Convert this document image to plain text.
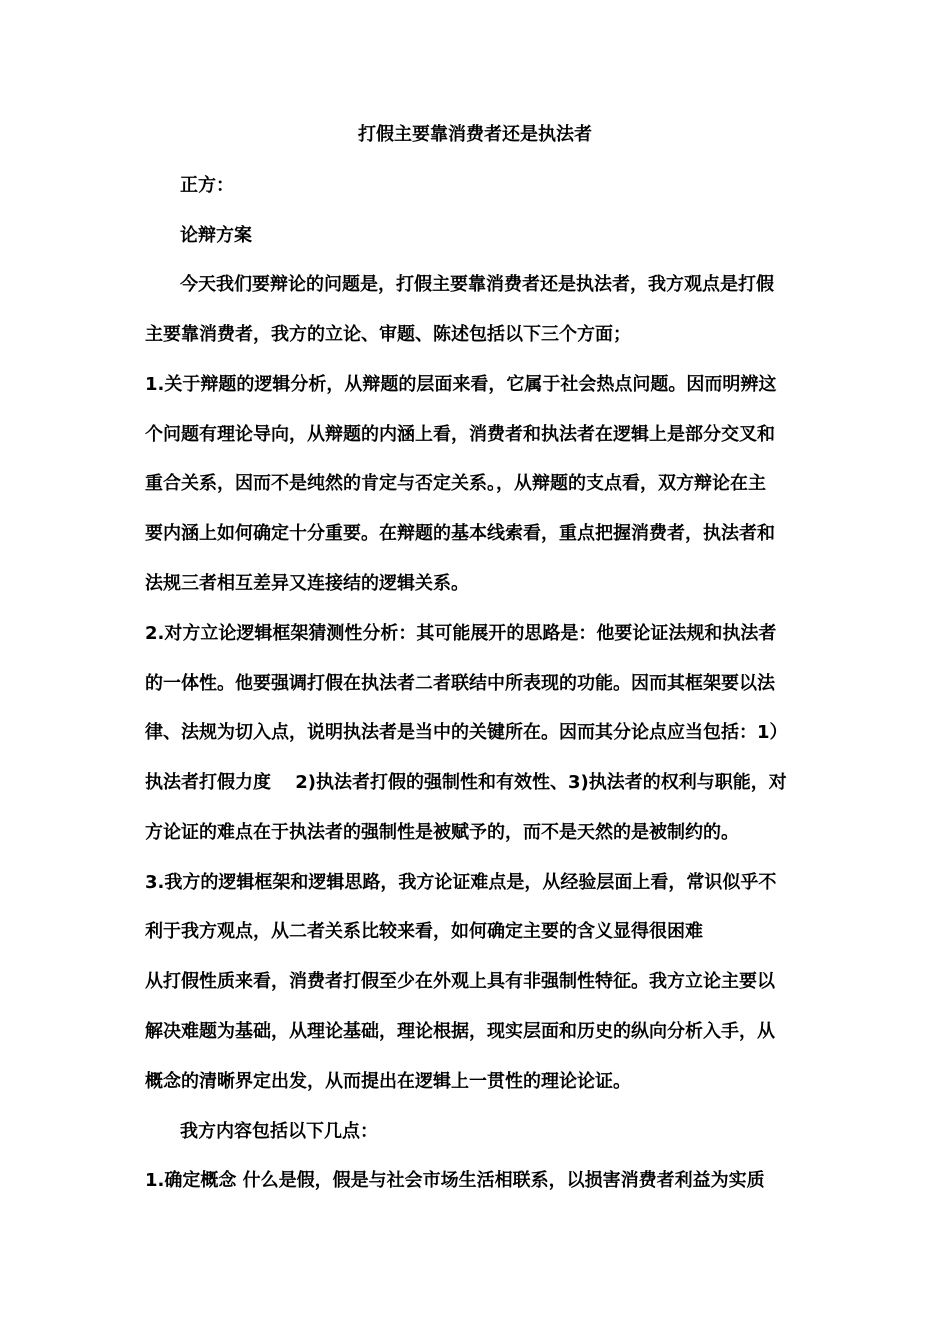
打假主要靠消费者还是执法者
正方：
论辩方案
今天我们要辩论的问题是，打假主要靠消费者还是执法者，我方观点是打假
主要靠消费者，我方的立论、审题、陈述包括以下三个方面；
1.关于辩题的逻辑分析，从辩题的层面来看，它属于社会热点问题。因而明辨这
个问题有理论导向，从辩题的内涵上看，消费者和执法者在逻辑上是部分交叉和
重合关系，因而不是纯然的肯定与否定关系。，从辩题的支点看，双方辩论在主
要内涵上如何确定十分重要。在辩题的基本线索看，重点把握消费者，执法者和
法规三者相互差异又连接结的逻辑关系。
2.对方立论逻辑框架猜测性分析：其可能展开的思路是：他要论证法规和执法者
的一体性。他要强调打假在执法者二者联结中所表现的功能。因而其框架要以法
律、法规为切入点，说明执法者是当中的关键所在。因而其分论点应当包括：1）
执法者打假力度　 2)执法者打假的强制性和有效性、3)执法者的权利与职能，对
方论证的难点在于执法者的强制性是被赋予的，而不是天然的是被制约的。
3.我方的逻辑框架和逻辑思路，我方论证难点是，从经验层面上看，常识似乎不
利于我方观点，从二者关系比较来看，如何确定主要的含义显得很困难
从打假性质来看，消费者打假至少在外观上具有非强制性特征。我方立论主要以
解决难题为基础，从理论基础，理论根据，现实层面和历史的纵向分析入手，从
概念的清晰界定出发，从而提出在逻辑上一贯性的理论论证。
我方内容包括以下几点：
1.确定概念 什么是假，假是与社会市场生活相联系，以损害消费者利益为实质
